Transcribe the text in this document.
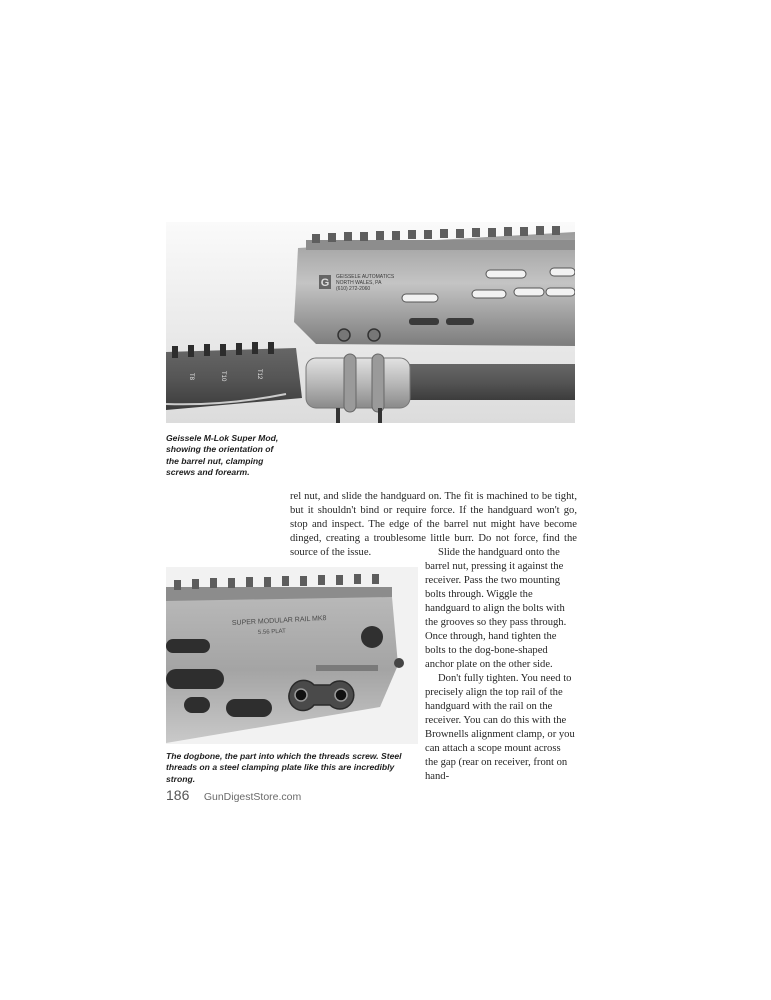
G GEISSELE AUTOMATICS
NORTH WALES, PA
(610) 272-2060
T8	T10	T12
Geissele M-Lok Super Mod, showing the orientation of the barrel nut, clamping screws and forearm.

rel nut, and slide the handguard on. The fit is machined to be tight, but it shouldn't bind or require force. If the handguard won't go, stop and inspect. The edge of the barrel nut might have become dinged, creating a troublesome little burr. Do not force, find the source of the issue.

SUPER MODULAR RAIL MK8
5.56 PLAT
The dogbone, the part into which the threads screw. Steel threads on a steel clamping plate like this are incredibly strong.

Slide the handguard onto the barrel nut, pressing it against the receiver. Pass the two mounting bolts through. Wiggle the handguard to align the bolts with the grooves so they pass through. Once through, hand tighten the bolts to the dog-bone-shaped anchor plate on the other side.

Don't fully tighten. You need to precisely align the top rail of the handguard with the rail on the receiver. You can do this with the Brownells alignment clamp, or you can attach a scope mount across the gap (rear on receiver, front on hand-

186 GunDigestStore.com
